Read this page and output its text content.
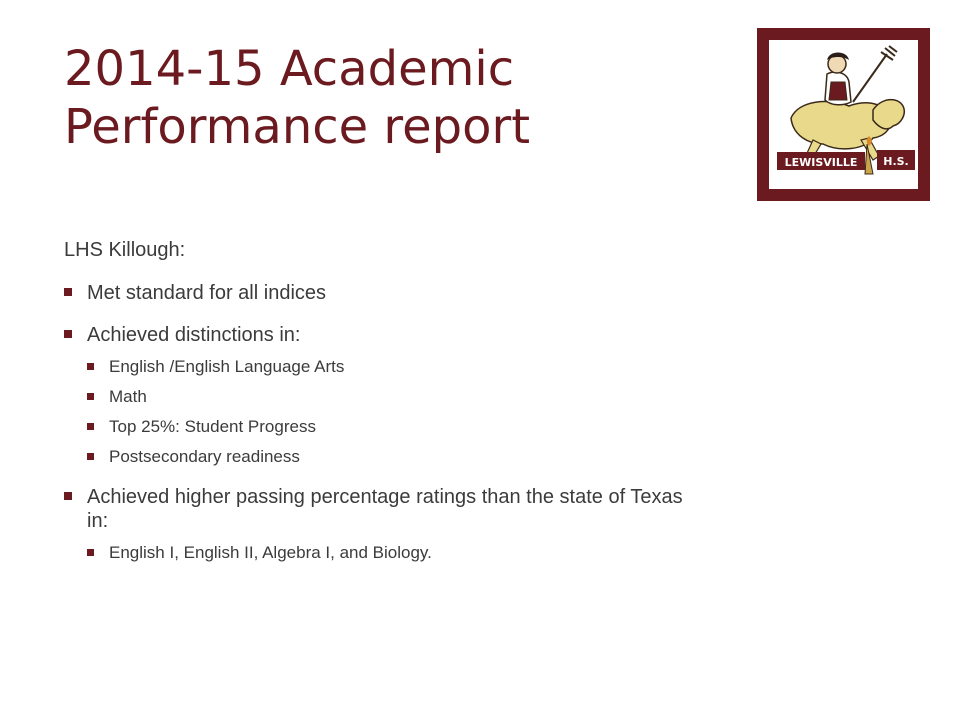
2014-15 Academic
Performance report
LEWISVILLE H.S.

LHS Killough:

Met standard for all indices
Achieved distinctions in:
English /English Language Arts
Math
Top 25%: Student Progress
Postsecondary readiness
Achieved higher passing percentage ratings than the state of Texas in:
English I, English II, Algebra I, and Biology.
